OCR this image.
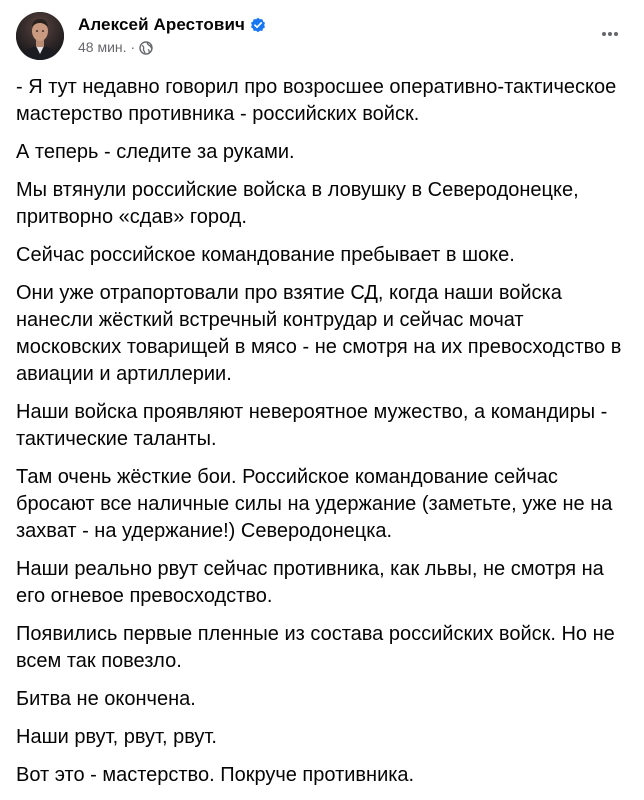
Алексей Арестович
48 мин. ·

- Я тут недавно говорил про возросшее оперативно-тактическое мастерство противника - российских войск.

А теперь - следите за руками.

Мы втянули российские войска в ловушку в Северодонецке, притворно «сдав» город.

Сейчас российское командование пребывает в шоке.

Они уже отрапортовали про взятие СД, когда наши войска нанесли жёсткий встречный контрудар и сейчас мочат московских товарищей в мясо - не смотря на их превосходство в авиации и артиллерии.

Наши войска проявляют невероятное мужество, а командиры - тактические таланты.

Там очень жёсткие бои. Российское командование сейчас бросают все наличные силы на удержание (заметьте, уже не на захват - на удержание!) Северодонецка.

Наши реально рвут сейчас противника, как львы, не смотря на его огневое превосходство.

Появились первые пленные из состава российских войск. Но не всем так повезло.

Битва не окончена.

Наши рвут, рвут, рвут.

Вот это - мастерство. Покруче противника.
